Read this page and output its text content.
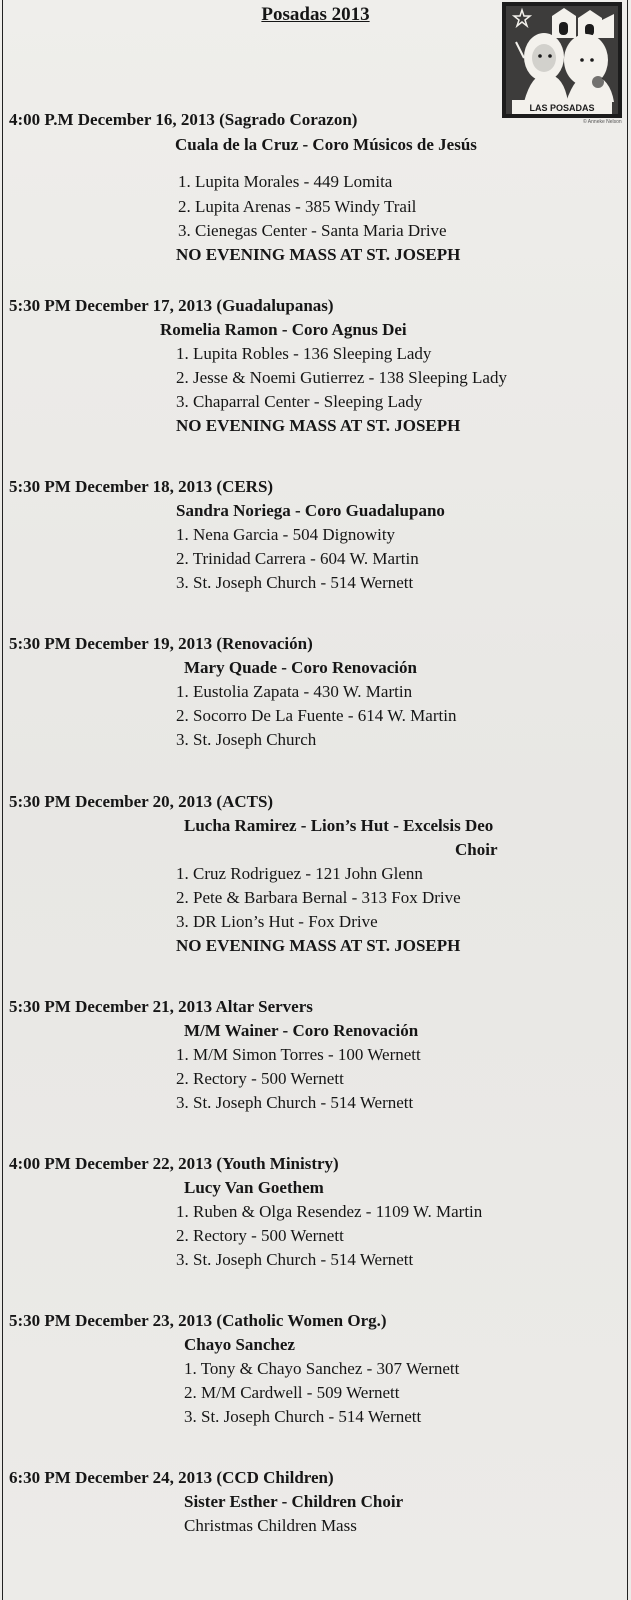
Posadas 2013
LAS POSADAS
© Anneke Nelson
4:00 P.M December 16, 2013 (Sagrado Corazon)
Cuala de la Cruz - Coro Músicos de Jesús
1. Lupita Morales - 449 Lomita
2. Lupita Arenas - 385 Windy Trail
3. Cienegas Center - Santa Maria Drive
NO EVENING MASS AT ST. JOSEPH
5:30 PM December 17, 2013 (Guadalupanas)
Romelia Ramon - Coro Agnus Dei
1. Lupita Robles - 136 Sleeping Lady
2. Jesse & Noemi Gutierrez - 138 Sleeping Lady
3. Chaparral Center - Sleeping Lady
NO EVENING MASS AT ST. JOSEPH
5:30 PM December 18, 2013 (CERS)
Sandra Noriega - Coro Guadalupano
1. Nena Garcia - 504 Dignowity
2. Trinidad Carrera - 604 W. Martin
3. St. Joseph Church - 514 Wernett
5:30 PM December 19, 2013 (Renovación)
Mary Quade - Coro Renovación
1. Eustolia Zapata - 430 W. Martin
2. Socorro De La Fuente - 614 W. Martin
3. St. Joseph Church
5:30 PM December 20, 2013 (ACTS)
Lucha Ramirez - Lion’s Hut - Excelsis Deo
Choir
1. Cruz Rodriguez - 121 John Glenn
2. Pete & Barbara Bernal - 313 Fox Drive
3. DR Lion’s Hut - Fox Drive
NO EVENING MASS AT ST. JOSEPH
5:30 PM December 21, 2013 Altar Servers
M/M Wainer - Coro Renovación
1. M/M Simon Torres - 100 Wernett
2. Rectory - 500 Wernett
3. St. Joseph Church - 514 Wernett
4:00 PM December 22, 2013 (Youth Ministry)
Lucy Van Goethem
1. Ruben & Olga Resendez - 1109 W. Martin
2. Rectory - 500 Wernett
3. St. Joseph Church - 514 Wernett
5:30 PM December 23, 2013 (Catholic Women Org.)
Chayo Sanchez
1. Tony & Chayo Sanchez - 307 Wernett
2. M/M Cardwell - 509 Wernett
3. St. Joseph Church - 514 Wernett
6:30 PM December 24, 2013 (CCD Children)
Sister Esther - Children Choir
Christmas Children Mass
